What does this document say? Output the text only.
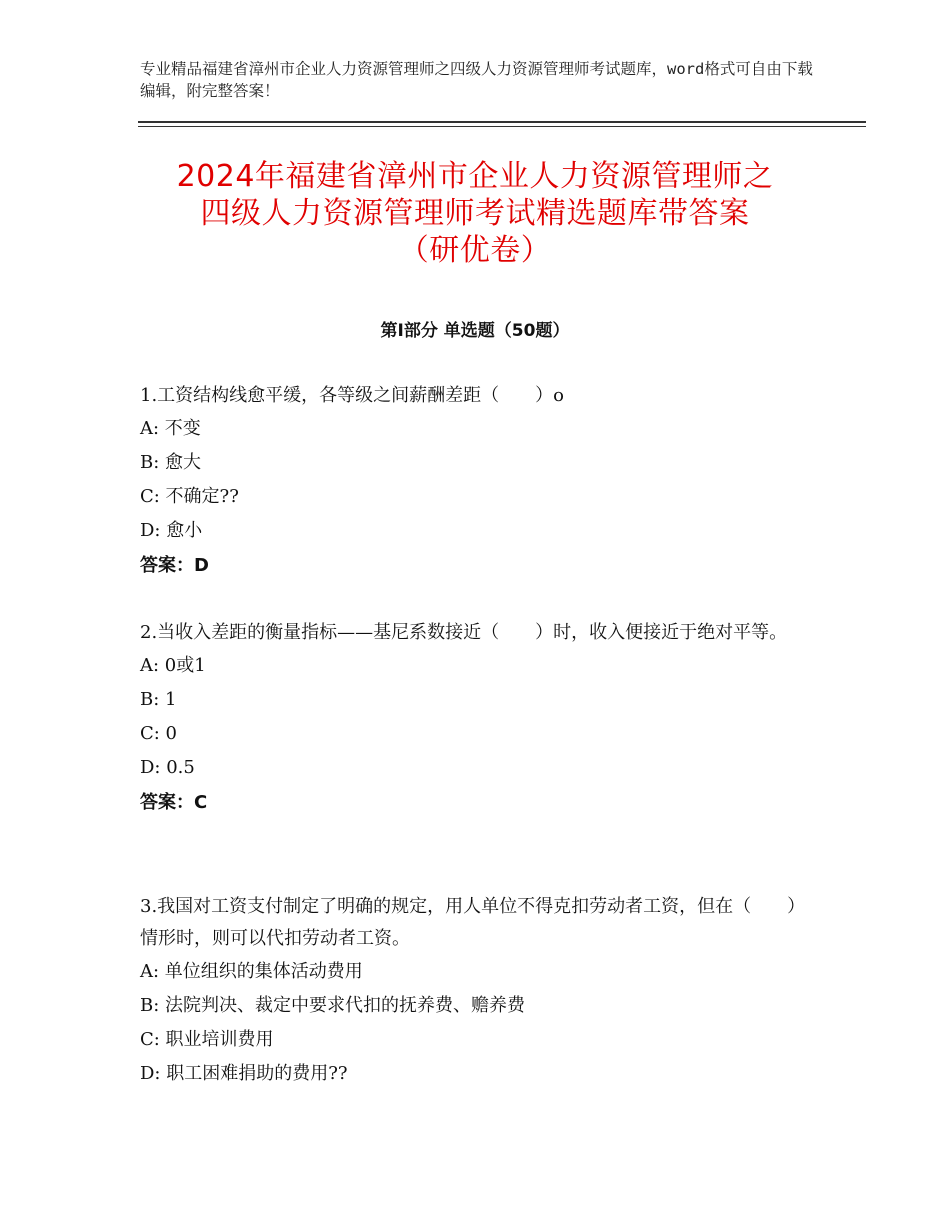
专业精品福建省漳州市企业人力资源管理师之四级人力资源管理师考试题库，word格式可自由下载编辑，附完整答案！
2024年福建省漳州市企业人力资源管理师之
四级人力资源管理师考试精选题库带答案
（研优卷）
第Ⅰ部分 单选题（50题）

1.工资结构线愈平缓，各等级之间薪酬差距（　　）o

A: 不变

B: 愈大

C: 不确定??

D: 愈小

答案：D

2.当收入差距的衡量指标——基尼系数接近（　　）时，收入便接近于绝对平等。

A: 0或1

B: 1

C: 0

D: 0.5

答案：C

3.我国对工资支付制定了明确的规定，用人单位不得克扣劳动者工资，但在（　　）情形时，则可以代扣劳动者工资。

A: 单位组织的集体活动费用

B: 法院判决、裁定中要求代扣的抚养费、赡养费

C: 职业培训费用

D: 职工困难捐助的费用??
